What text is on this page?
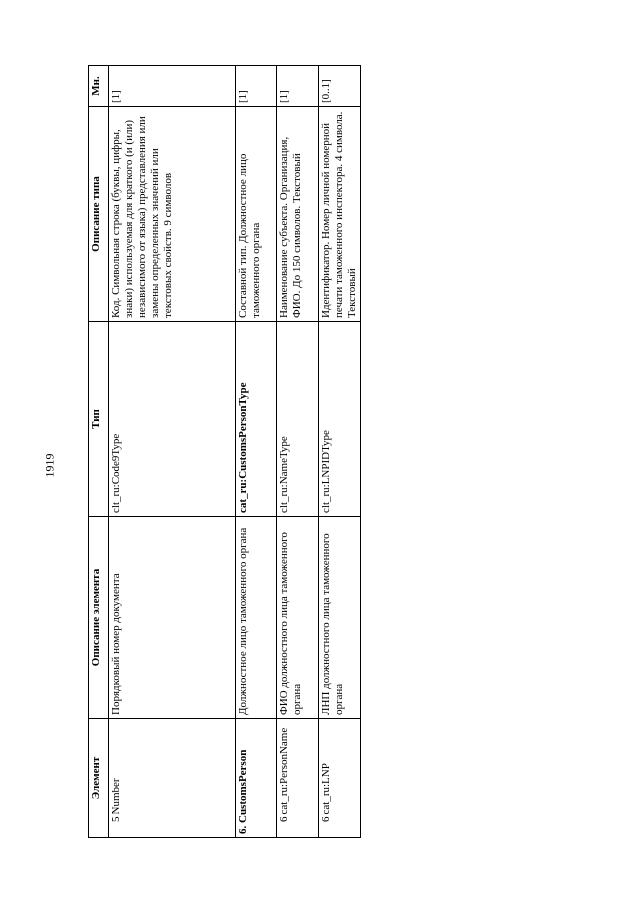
1919
Элемент		Описание элемента	Тип	Описание типа	Мн.
5	Number	Порядковый номер документа	clt_ru:Code9Type	Код. Символьная строка (буквы, цифры, знаки) используемая для краткого (и (или) независимого от языка) представления или замены определенных значений или текстовых свойств. 9 символов	[1]
6. CustomsPerson		Должностное лицо таможенного органа	cat_ru:CustomsPersonType	Составной тип. Должностное лицо таможенного органа	[1]
6	cat_ru:PersonName	ФИО должностного лица таможенного органа	clt_ru:NameType	Наименование субъекта. Организация, ФИО. До 150 символов. Текстовый	[1]
6	cat_ru:LNP	ЛНП должностного лица таможенного органа	clt_ru:LNPIDType	Идентификатор. Номер личной номерной печати таможенного инспектора. 4 символа. Текстовый	[0..1]
